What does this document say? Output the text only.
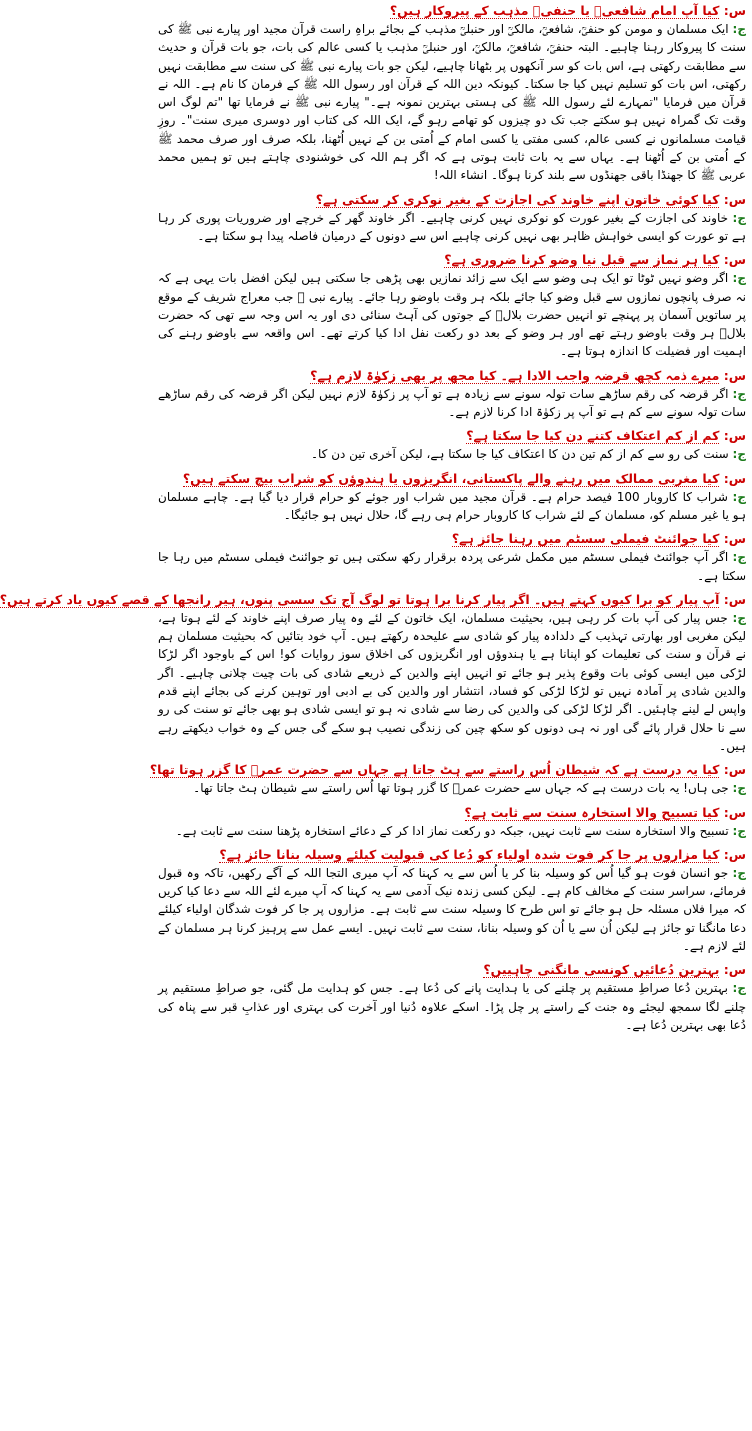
س: کیا آپ امام شافعیؒ یا حنفیؒ مذہب کے پیروکار ہیں؟
ج: ایک مسلمان و مومن کو حنفیؒ، شافعیؒ، مالکیؒ اور حنبلیؒ مذہب کے بجائے براہِ راست قرآن مجید اور پیارے نبی ﷺ کی سنت کا پیروکار رہنا چاہیے۔ البتہ حنفیؒ، شافعیؒ، مالکیؒ، اور حنبلیؒ مذہب یا کسی عالم کی بات، جو بات قرآن و حدیث سے مطابقت رکھتی ہے، اس بات کو سر آنکھوں پر بٹھانا چاہیے، لیکن جو بات پیارے نبی ﷺ کی سنت سے مطابقت نہیں رکھتی، اس بات کو تسلیم نہیں کیا جا سکتا۔ کیونکہ دین اللہ کے قرآن اور رسول اللہ ﷺ کے فرمان کا نام ہے۔ اللہ نے قرآن میں فرمایا "تمہارے لئے رسول اللہ ﷺ کی ہستی بہترین نمونہ ہے۔" پیارے نبی ﷺ نے فرمایا تھا "تم لوگ اس وقت تک گمراہ نہیں ہو سکتے جب تک دو چیزوں کو تھامے رہو گے، ایک اللہ کی کتاب اور دوسری میری سنت"۔ روزِ قیامت مسلمانوں نے کسی عالم، کسی مفتی یا کسی امام کے اُمتی بن کے نہیں اُٹھنا، بلکہ صرف اور صرف محمد ﷺ کے اُمتی بن کے اُٹھنا ہے۔ یہاں سے یہ بات ثابت ہوتی ہے کہ اگر ہم اللہ کی خوشنودی چاہتے ہیں تو ہمیں محمد عربی ﷺ کا جھنڈا باقی جھنڈوں سے بلند کرنا ہوگا۔ انشاء اللہ!
س: کیا کوئی خاتون اپنے خاوند کی اجازت کے بغیر نوکری کر سکتی ہے؟
ج: خاوند کی اجازت کے بغیر عورت کو نوکری نہیں کرنی چاہیے۔ اگر خاوند گھر کے خرچے اور ضروریات پوری کر رہا ہے تو عورت کو ایسی خواہش ظاہر بھی نہیں کرنی چاہیے اس سے دونوں کے درمیان فاصلہ پیدا ہو سکتا ہے۔
س: کیا ہر نماز سے قبل نیا وضو کرنا ضروری ہے؟
ج: اگر وضو نہیں ٹوٹا تو ایک ہی وضو سے ایک سے زائد نمازیں بھی پڑھی جا سکتی ہیں لیکن افضل بات یہی ہے کہ نہ صرف پانچوں نمازوں سے قبل وضو کیا جائے بلکہ ہر وقت باوضو رہا جائے۔ پیارے نبی ﷺ جب معراج شریف کے موقع پر ساتویں آسمان پر پہنچے تو انہیں حضرت بلالؓ کے جوتوں کی آہٹ سنائی دی اور یہ اس وجہ سے تھی کہ حضرت بلالؓ ہر وقت باوضو رہتے تھے اور ہر وضو کے بعد دو رکعت نفل ادا کیا کرتے تھے۔ اس واقعہ سے باوضو رہنے کی اہمیت اور فضیلت کا اندازہ ہوتا ہے۔
س: میرے ذمہ کچھ قرضہ واجب الادا ہے۔ کیا مجھ پر بھی زکوٰۃ لازم ہے؟
ج: اگر قرضہ کی رقم ساڑھے سات تولہ سونے سے زیادہ ہے تو آپ پر زکوٰۃ لازم نہیں لیکن اگر قرضہ کی رقم ساڑھے سات تولہ سونے سے کم ہے تو آپ پر زکوٰۃ ادا کرنا لازم ہے۔
س: کم از کم اعتکاف کتنے دن کیا جا سکتا ہے؟
ج: سنت کی رو سے کم از کم تین دن کا اعتکاف کیا جا سکتا ہے، لیکن آخری تین دن کا۔
س: کیا مغربی ممالک میں رہنے والے پاکستانی، انگریزوں یا ہندوؤں کو شراب بیچ سکتے ہیں؟
ج: شراب کا کاروبار 100 فیصد حرام ہے۔ قرآن مجید میں شراب اور جوئے کو حرام قرار دیا گیا ہے۔ چاہے مسلمان ہو یا غیر مسلم کو، مسلمان کے لئے شراب کا کاروبار حرام ہی رہے گا، حلال نہیں ہو جائیگا۔
س: کیا جوائنٹ فیملی سسٹم میں رہنا جائز ہے؟
ج: اگر آپ جوائنٹ فیملی سسٹم میں مکمل شرعی پردہ برقرار رکھ سکتی ہیں تو جوائنٹ فیملی سسٹم میں رہا جا سکتا ہے۔
س: آپ پیار کو برا کیوں کہتے ہیں۔ اگر پیار کرنا برا ہوتا تو لوگ آج تک سسی پنوں، ہیر رانجھا کے قصے کیوں یاد کرتے ہیں؟
ج: جس پیار کی آپ بات کر رہی ہیں، بحیثیت مسلمان، ایک خاتون کے لئے وہ پیار صرف اپنے خاوند کے لئے ہوتا ہے، لیکن مغربی اور بھارتی تہذیب کے دلدادہ پیار کو شادی سے علیحدہ رکھتے ہیں۔ آپ خود بتائیں کہ بحیثیت مسلمان ہم نے قرآن و سنت کی تعلیمات کو اپنانا ہے یا ہندوؤں اور انگریزوں کی اخلاق سوز روایات کو! اس کے باوجود اگر لڑکا لڑکی میں ایسی کوئی بات وقوع پذیر ہو جائے تو انہیں اپنے والدین کے ذریعے شادی کی بات چیت چلانی چاہیے۔ اگر والدین شادی پر آمادہ نہیں تو لڑکا لڑکی کو فساد، انتشار اور والدین کی بے ادبی اور توہین کرنے کی بجائے اپنے قدم واپس لے لینے چاہئیں۔ اگر لڑکا لڑکی کی والدین کی رضا سے شادی نہ ہو تو ایسی شادی ہو بھی جائے تو سنت کی رو سے نا حلال قرار پائے گی اور نہ ہی دونوں کو سکھ چین کی زندگی نصیب ہو سکے گی جس کے وہ خواب دیکھتے رہے ہیں۔
س: کیا یہ درست ہے کہ شیطان اُس راستے سے ہٹ جاتا ہے جہاں سے حضرت عمرؓ کا گزر ہوتا تھا؟
ج: جی ہاں! یہ بات درست ہے کہ جہاں سے حضرت عمرؓ کا گزر ہوتا تھا اُس راستے سے شیطان ہٹ جاتا تھا۔
س: کیا تسبیح والا استخارہ سنت سے ثابت ہے؟
ج: تسبیح والا استخارہ سنت سے ثابت نہیں، جبکہ دو رکعت نماز ادا کر کے دعائے استخارہ پڑھنا سنت سے ثابت ہے۔
س: کیا مزاروں پر جا کر فوت شدہ اولیاء کو دُعا کی قبولیت کیلئے وسیلہ بنانا جائز ہے؟
ج: جو انسان فوت ہو گیا اُس کو وسیلہ بنا کر یا اُس سے یہ کہنا کہ آپ میری التجا اللہ کے آگے رکھیں، تاکہ وہ قبول فرمائے، سراسر سنت کے مخالف کام ہے۔ لیکن کسی زندہ نیک آدمی سے یہ کہنا کہ آپ میرے لئے اللہ سے دعا کیا کریں کہ میرا فلاں مسئلہ حل ہو جائے تو اس طرح کا وسیلہ سنت سے ثابت ہے۔ مزاروں پر جا کر فوت شدگان اولیاء کیلئے دعا مانگنا تو جائز ہے لیکن اُن سے یا اُن کو وسیلہ بنانا، سنت سے ثابت نہیں۔ ایسے عمل سے پرہیز کرنا ہر مسلمان کے لئے لازم ہے۔
س: بہترین دُعائیں کونسی مانگنی چاہییں؟
ج: بہترین دُعا صراطِ مستقیم پر چلنے کی یا ہدایت پانے کی دُعا ہے۔ جس کو ہدایت مل گئی، جو صراطِ مستقیم پر چلنے لگا سمجھ لیجئے وہ جنت کے راستے پر چل پڑا۔ اسکے علاوہ دُنیا اور آخرت کی بہتری اور عذابِ قبر سے پناہ کی دُعا بھی بہترین دُعا ہے۔
